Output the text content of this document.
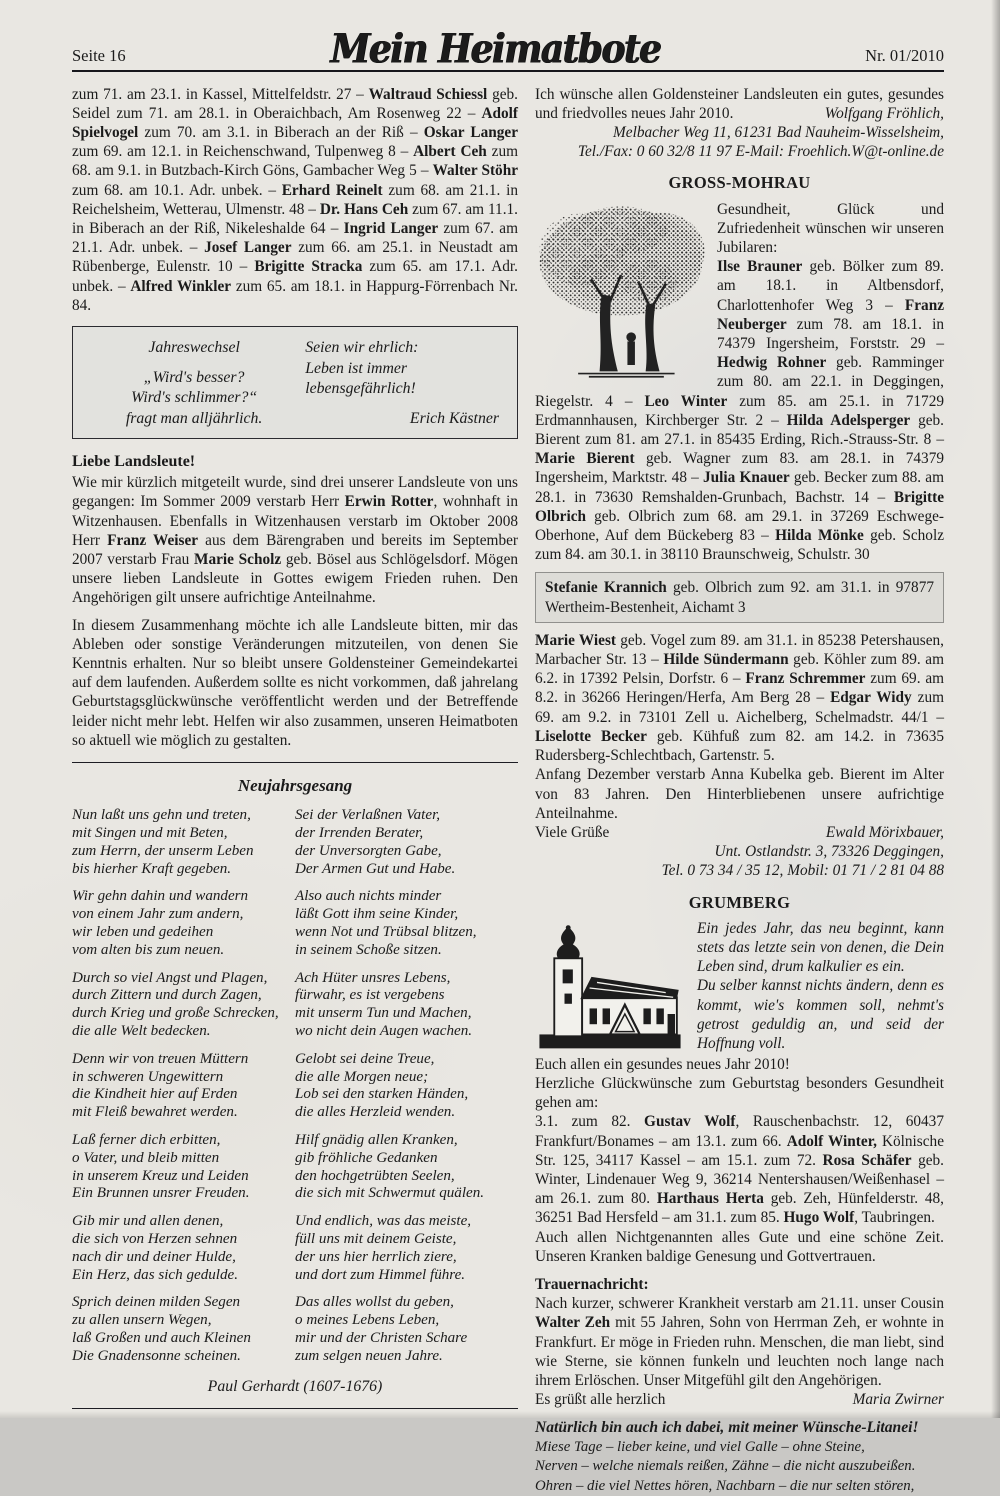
Seite 16	Mein Heimatbote	Nr. 01/2010

zum 71. am 23.1. in Kassel, Mittelfeldstr. 27 – Waltraud Schiessl geb. Seidel zum 71. am 28.1. in Oberaichbach, Am Rosenweg 22 – Adolf Spielvogel zum 70. am 3.1. in Biberach an der Riß – Oskar Langer zum 69. am 12.1. in Reichenschwand, Tulpenweg 8 – Albert Ceh zum 68. am 9.1. in Butzbach-Kirch Göns, Gambacher Weg 5 – Walter Stöhr zum 68. am 10.1. Adr. unbek. – Erhard Reinelt zum 68. am 21.1. in Reichelsheim, Wetterau, Ulmenstr. 48 – Dr. Hans Ceh zum 67. am 11.1. in Biberach an der Riß, Nikeleshalde 64 – Ingrid Langer zum 67. am 21.1. Adr. unbek. – Josef Langer zum 66. am 25.1. in Neustadt am Rübenberge, Eulenstr. 10 – Brigitte Stracka zum 65. am 17.1. Adr. unbek. – Alfred Winkler zum 65. am 18.1. in Happurg-Förrenbach Nr. 84.

Jahreswechsel
„Wird's besser?
Wird's schlimmer?“
fragt man alljährlich.
Seien wir ehrlich:
Leben ist immer
lebensgefährlich!
Erich Kästner

Liebe Landsleute!

Wie mir kürzlich mitgeteilt wurde, sind drei unserer Landsleute von uns gegangen: Im Sommer 2009 verstarb Herr Erwin Rotter, wohnhaft in Witzenhausen. Ebenfalls in Witzenhausen verstarb im Oktober 2008 Herr Franz Weiser aus dem Bärengraben und bereits im September 2007 verstarb Frau Marie Scholz geb. Bösel aus Schlögelsdorf. Mögen unsere lieben Landsleute in Gottes ewigem Frieden ruhen. Den Angehörigen gilt unsere aufrichtige Anteilnahme.

In diesem Zusammenhang möchte ich alle Landsleute bitten, mir das Ableben oder sonstige Veränderungen mitzuteilen, von denen Sie Kenntnis erhalten. Nur so bleibt unsere Goldensteiner Gemeindekartei auf dem laufenden. Außerdem sollte es nicht vorkommen, daß jahrelang Geburtstagsglückwünsche veröffentlicht werden und der Betreffende leider nicht mehr lebt. Helfen wir also zusammen, unseren Heimatboten so aktuell wie möglich zu gestalten.

Neujahrsgesang
Nun laßt uns gehn und treten,
mit Singen und mit Beten,
zum Herrn, der unserm Leben
bis hierher Kraft gegeben.
Wir gehn dahin und wandern
von einem Jahr zum andern,
wir leben und gedeihen
vom alten bis zum neuen.
Durch so viel Angst und Plagen,
durch Zittern und durch Zagen,
durch Krieg und große Schrecken,
die alle Welt bedecken.
Denn wir von treuen Müttern
in schweren Ungewittern
die Kindheit hier auf Erden
mit Fleiß bewahret werden.
Laß ferner dich erbitten,
o Vater, und bleib mitten
in unserem Kreuz und Leiden
Ein Brunnen unsrer Freuden.
Gib mir und allen denen,
die sich von Herzen sehnen
nach dir und deiner Hulde,
Ein Herz, das sich gedulde.
Sprich deinen milden Segen
zu allen unsern Wegen,
laß Großen und auch Kleinen
Die Gnadensonne scheinen.
Sei der Verlaßnen Vater,
der Irrenden Berater,
der Unversorgten Gabe,
Der Armen Gut und Habe.
Also auch nichts minder
läßt Gott ihm seine Kinder,
wenn Not und Trübsal blitzen,
in seinem Schoße sitzen.
Ach Hüter unsres Lebens,
fürwahr, es ist vergebens
mit unserm Tun und Machen,
wo nicht dein Augen wachen.
Gelobt sei deine Treue,
die alle Morgen neue;
Lob sei den starken Händen,
die alles Herzleid wenden.
Hilf gnädig allen Kranken,
gib fröhliche Gedanken
den hochgetrübten Seelen,
die sich mit Schwermut quälen.
Und endlich, was das meiste,
füll uns mit deinem Geiste,
der uns hier herrlich ziere,
und dort zum Himmel führe.
Das alles wollst du geben,
o meines Lebens Leben,
mir und der Christen Schare
zum selgen neuen Jahre.
Paul Gerhardt (1607-1676)
Ich wünsche allen Goldensteiner Landsleuten ein gutes, gesundes
und friedvolles neues Jahr 2010.	Wolfgang Fröhlich,
Melbacher Weg 11, 61231 Bad Nauheim-Wisselsheim,
Tel./Fax: 0 60 32/8 11 97 E-Mail: Froehlich.W@t-online.de
GROSS-MOHRAU

Gesundheit, Glück und Zufriedenheit wünschen wir unseren Jubilaren:

Ilse Brauner geb. Bölker zum 89. am 18.1. in Altbensdorf, Charlottenhofer Weg 3 – Franz Neuberger zum 78. am 18.1. in 74379 Ingersheim, Forststr. 29 – Hedwig Rohner geb. Ramminger zum 80. am 22.1. in Deggingen, Riegelstr. 4 – Leo Winter zum 85. am 25.1. in 71729 Erdmannhausen, Kirchberger Str. 2 – Hilda Adelsperger geb. Bierent zum 81. am 27.1. in 85435 Erding, Rich.-Strauss-Str. 8 – Marie Bierent geb. Wagner zum 83. am 28.1. in 74379 Ingersheim, Marktstr. 48 – Julia Knauer geb. Becker zum 88. am 28.1. in 73630 Remshalden-Grunbach, Bachstr. 14 – Brigitte Olbrich geb. Olbrich zum 68. am 29.1. in 37269 Eschwege-Oberhone, Auf dem Bückeberg 83 – Hilda Mönke geb. Scholz zum 84. am 30.1. in 38110 Braunschweig, Schulstr. 30

Stefanie Krannich geb. Olbrich zum 92. am 31.1. in 97877 Wertheim-Bestenheit, Aichamt 3

Marie Wiest geb. Vogel zum 89. am 31.1. in 85238 Petershausen, Marbacher Str. 13 – Hilde Sündermann geb. Köhler zum 89. am 6.2. in 17392 Pelsin, Dorfstr. 6 – Franz Schremmer zum 69. am 8.2. in 36266 Heringen/Herfa, Am Berg 28 – Edgar Widy zum 69. am 9.2. in 73101 Zell u. Aichelberg, Schelmadstr. 44/1 – Liselotte Becker geb. Kühfuß zum 82. am 14.2. in 73635 Rudersberg-Schlechtbach, Gartenstr. 5.

Anfang Dezember verstarb Anna Kubelka geb. Bierent im Alter von 83 Jahren. Den Hinterbliebenen unsere aufrichtige Anteilnahme.

Viele Grüße	Ewald Mörixbauer,
Unt. Ostlandstr. 3, 73326 Deggingen,
Tel. 0 73 34 / 35 12, Mobil: 01 71 / 2 81 04 88
GRUMBERG

Ein jedes Jahr, das neu beginnt, kann stets das letzte sein von denen, die Dein Leben sind, drum kalkulier es ein.

Du selber kannst nichts ändern, denn es kommt, wie's kommen soll, nehmt's getrost geduldig an, und seid der Hoffnung voll.

Euch allen ein gesundes neues Jahr 2010!

Herzliche Glückwünsche zum Geburtstag besonders Gesundheit gehen am:

3.1. zum 82. Gustav Wolf, Rauschenbachstr. 12, 60437 Frankfurt/Bonames – am 13.1. zum 66. Adolf Winter, Kölnische Str. 125, 34117 Kassel – am 15.1. zum 72. Rosa Schäfer geb. Winter, Lindenauer Weg 9, 36214 Nentershausen/Weißenhasel – am 26.1. zum 80. Harthaus Herta geb. Zeh, Hünfelderstr. 48, 36251 Bad Hersfeld – am 31.1. zum 85. Hugo Wolf, Taubringen.

Auch allen Nichtgenannten alles Gute und eine schöne Zeit. Unseren Kranken baldige Genesung und Gottvertrauen.

Trauernachricht:

Nach kurzer, schwerer Krankheit verstarb am 21.11. unser Cousin Walter Zeh mit 55 Jahren, Sohn von Herrman Zeh, er wohnte in Frankfurt. Er möge in Frieden ruhn. Menschen, die man liebt, sind wie Sterne, sie können funkeln und leuchten noch lange nach ihrem Erlöschen. Unser Mitgefühl gilt den Angehörigen.

Es grüßt alle herzlich	Maria Zwirner
Natürlich bin auch ich dabei, mit meiner Wünsche-Litanei!
Miese Tage – lieber keine, und viel Galle – ohne Steine,
Nerven – welche niemals reißen, Zähne – die nicht auszubeißen.
Ohren – die viel Nettes hören, Nachbarn – die nur selten stören,
